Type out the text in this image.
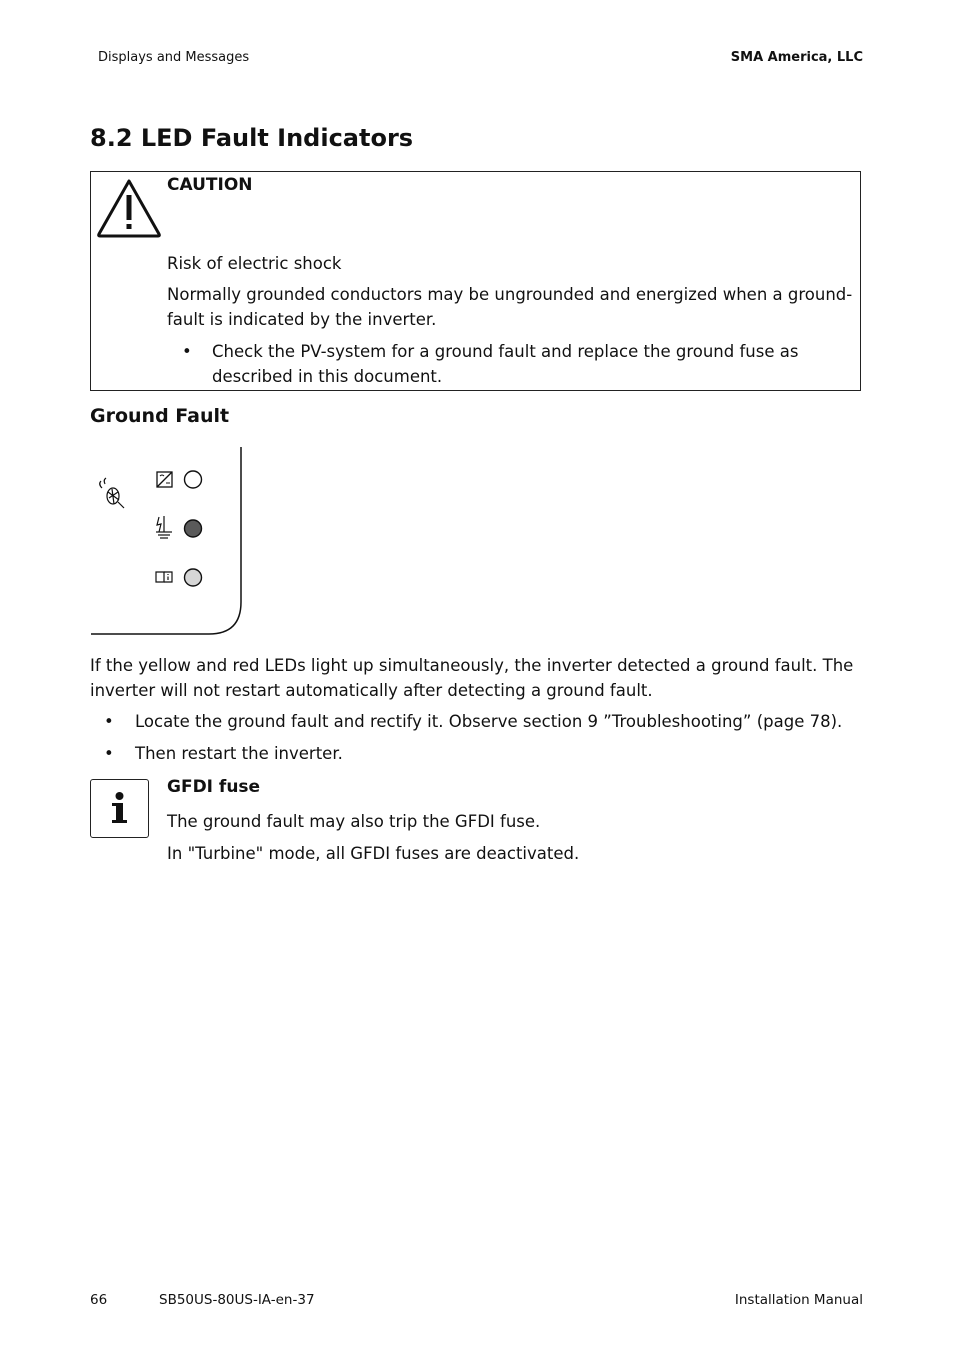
Displays and Messages	SMA America, LLC
8.2 LED Fault Indicators
CAUTION
Risk of electric shock
Normally grounded conductors may be ungrounded and energized when a ground-fault is indicated by the inverter.
• Check the PV-system for a ground fault and replace the ground fuse as described in this document.
Ground Fault
If the yellow and red LEDs light up simultaneously, the inverter detected a ground fault. The inverter will not restart automatically after detecting a ground fault.
• Locate the ground fault and rectify it. Observe section 9 ”Troubleshooting” (page 78).
• Then restart the inverter.
GFDI fuse
The ground fault may also trip the GFDI fuse.
In "Turbine" mode, all GFDI fuses are deactivated.
66	SB50US-80US-IA-en-37	Installation Manual
